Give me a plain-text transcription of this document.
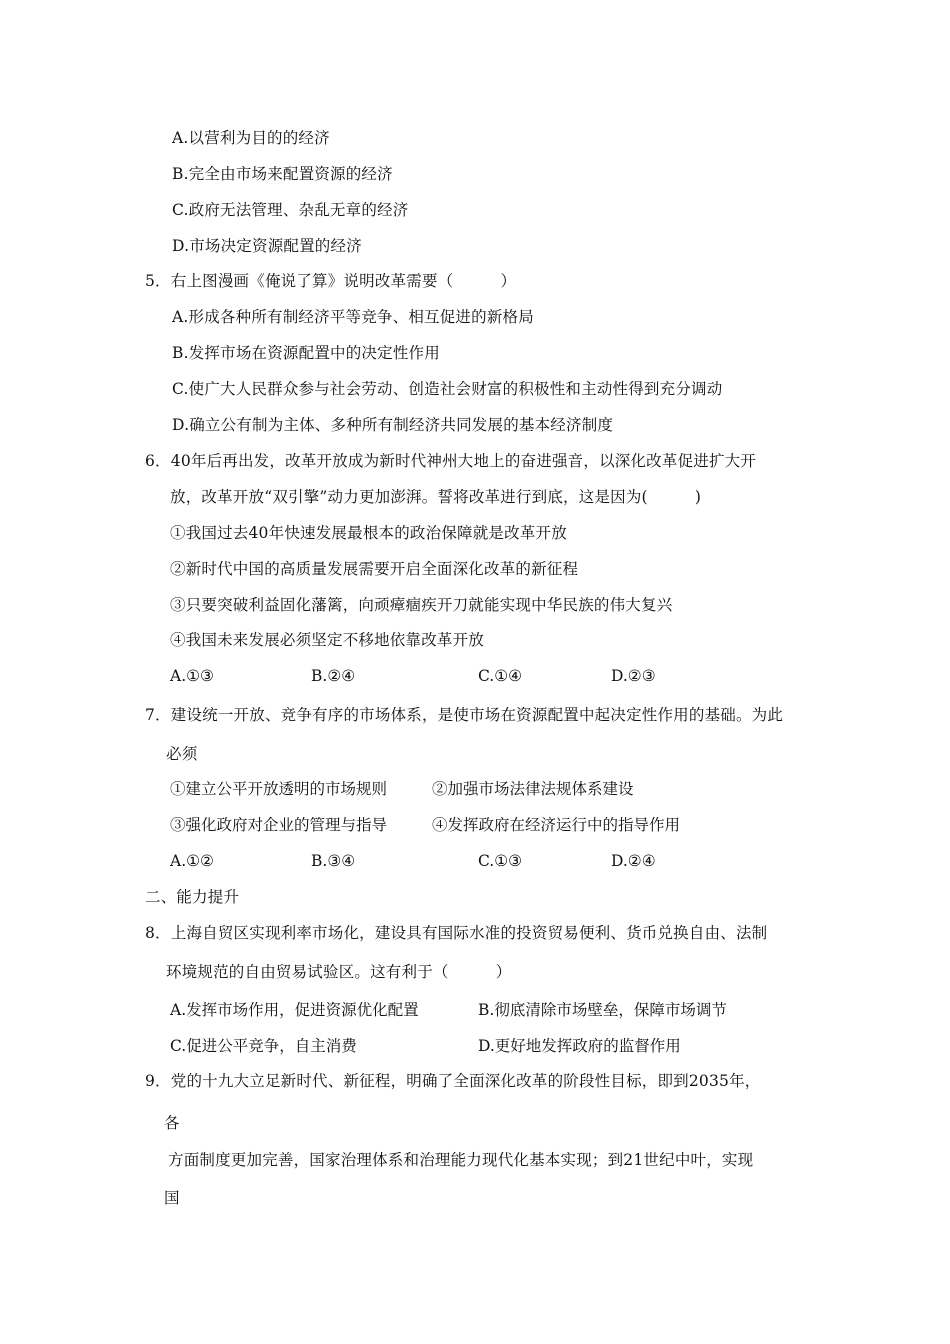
A.以营利为目的的经济
B.完全由市场来配置资源的经济
C.政府无法管理、杂乱无章的经济
D.市场决定资源配置的经济
5．右上图漫画《俺说了算》说明改革需要（　　　）
A.形成各种所有制经济平等竞争、相互促进的新格局
B.发挥市场在资源配置中的决定性作用
C.使广大人民群众参与社会劳动、创造社会财富的积极性和主动性得到充分调动
D.确立公有制为主体、多种所有制经济共同发展的基本经济制度
6．40年后再出发，改革开放成为新时代神州大地上的奋进强音，以深化改革促进扩大开
放，改革开放“双引擎”动力更加澎湃。誓将改革进行到底，这是因为(　　　)
①我国过去40年快速发展最根本的政治保障就是改革开放
②新时代中国的高质量发展需要开启全面深化改革的新征程
③只要突破利益固化藩篱，向顽瘴痼疾开刀就能实现中华民族的伟大复兴
④我国未来发展必须坚定不移地依靠改革开放
A.①③	B.②④	C.①④	D.②③
7．建设统一开放、竞争有序的市场体系，是使市场在资源配置中起决定性作用的基础。为此
必须
①建立公平开放透明的市场规则	②加强市场法律法规体系建设
③强化政府对企业的管理与指导	④发挥政府在经济运行中的指导作用
A.①②	B.③④	C.①③	D.②④
二、能力提升
8．上海自贸区实现利率市场化，建设具有国际水准的投资贸易便利、货币兑换自由、法制
环境规范的自由贸易试验区。这有利于（　　　）
A.发挥市场作用，促进资源优化配置	B.彻底清除市场壁垒，保障市场调节
C.促进公平竞争，自主消费	D.更好地发挥政府的监督作用
9．党的十九大立足新时代、新征程，明确了全面深化改革的阶段性目标，即到2035年，
各
方面制度更加完善，国家治理体系和治理能力现代化基本实现；到21世纪中叶，实现
国
